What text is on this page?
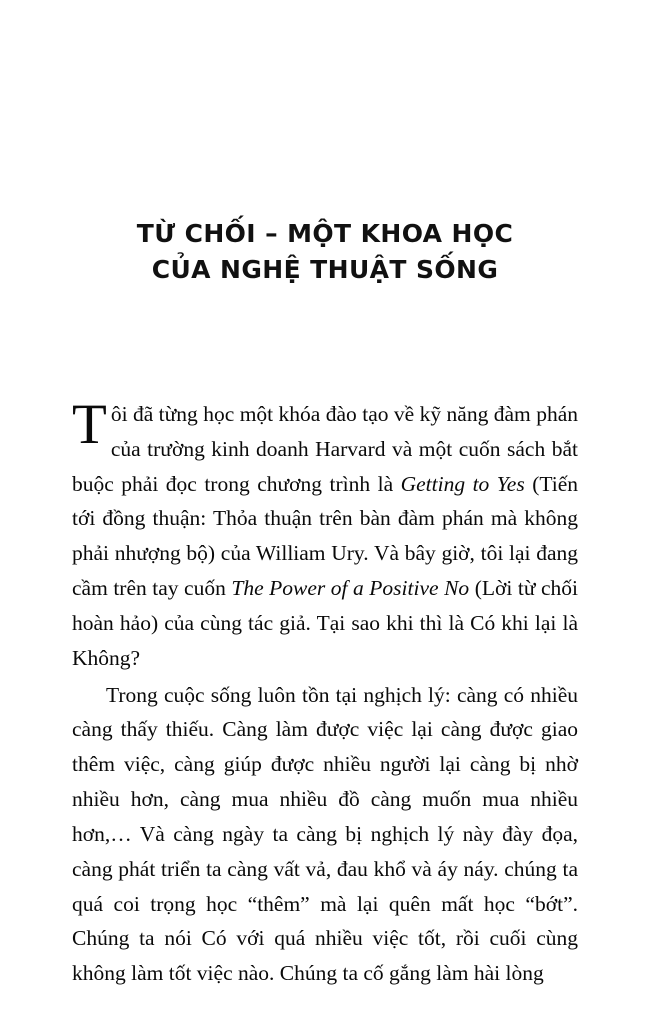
TỪ CHỐI – MỘT KHOA HỌC
CỦA NGHỆ THUẬT SỐNG

Tôi đã từng học một khóa đào tạo về kỹ năng đàm phán của trường kinh doanh Harvard và một cuốn sách bắt buộc phải đọc trong chương trình là Getting to Yes (Tiến tới đồng thuận: Thỏa thuận trên bàn đàm phán mà không phải nhượng bộ) của William Ury. Và bây giờ, tôi lại đang cầm trên tay cuốn The Power of a Positive No (Lời từ chối hoàn hảo) của cùng tác giả. Tại sao khi thì là Có khi lại là Không?

Trong cuộc sống luôn tồn tại nghịch lý: càng có nhiều càng thấy thiếu. Càng làm được việc lại càng được giao thêm việc, càng giúp được nhiều người lại càng bị nhờ nhiều hơn, càng mua nhiều đồ càng muốn mua nhiều hơn,… Và càng ngày ta càng bị nghịch lý này đày đọa, càng phát triển ta càng vất vả, đau khổ và áy náy. chúng ta quá coi trọng học “thêm” mà lại quên mất học “bớt”. Chúng ta nói Có với quá nhiều việc tốt, rồi cuối cùng không làm tốt việc nào. Chúng ta cố gắng làm hài lòng
